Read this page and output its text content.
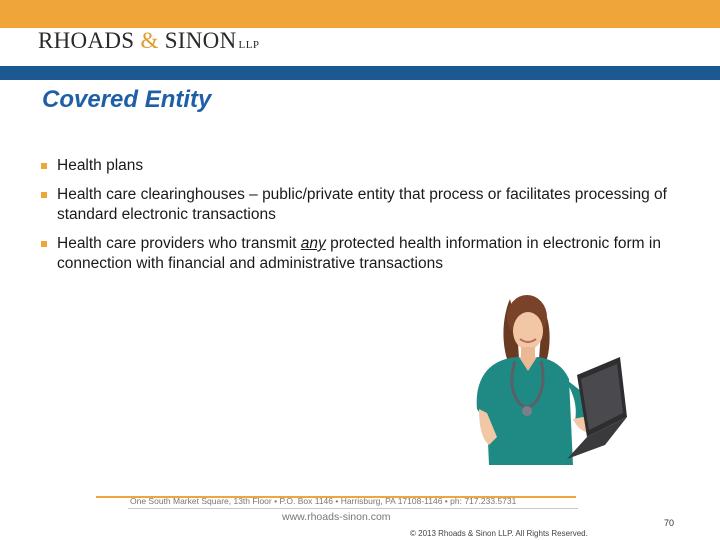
RHOADS & SINON LLP
Covered Entity
Health plans
Health care clearinghouses – public/private entity that process or facilitates processing of standard electronic transactions
Health care providers who transmit any protected health information in electronic form in connection with financial and administrative transactions
One South Market Square, 13th Floor • P.O. Box 1146 • Harrisburg, PA 17108-1146 • ph: 717.233.5731
www.rhoads-sinon.com
© 2013 Rhoads & Sinon LLP. All Rights Reserved.
70
